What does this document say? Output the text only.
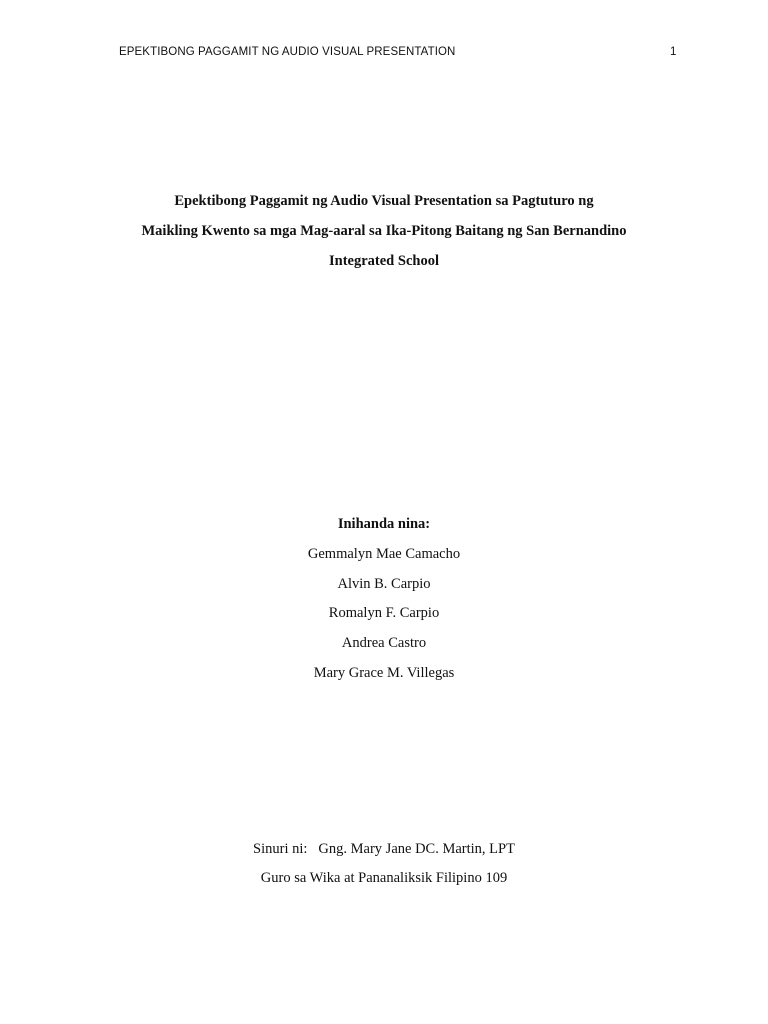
EPEKTIBONG PAGGAMIT NG AUDIO VISUAL PRESENTATION	1
Epektibong Paggamit ng Audio Visual Presentation sa Pagtuturo ng
Maikling Kwento sa mga Mag-aaral sa Ika-Pitong Baitang ng San Bernandino
Integrated School
Inihanda nina:
Gemmalyn Mae Camacho
Alvin B. Carpio
Romalyn F. Carpio
Andrea Castro
Mary Grace M. Villegas
Sinuri ni: Gng. Mary Jane DC. Martin, LPT
Guro sa Wika at Pananaliksik Filipino 109
